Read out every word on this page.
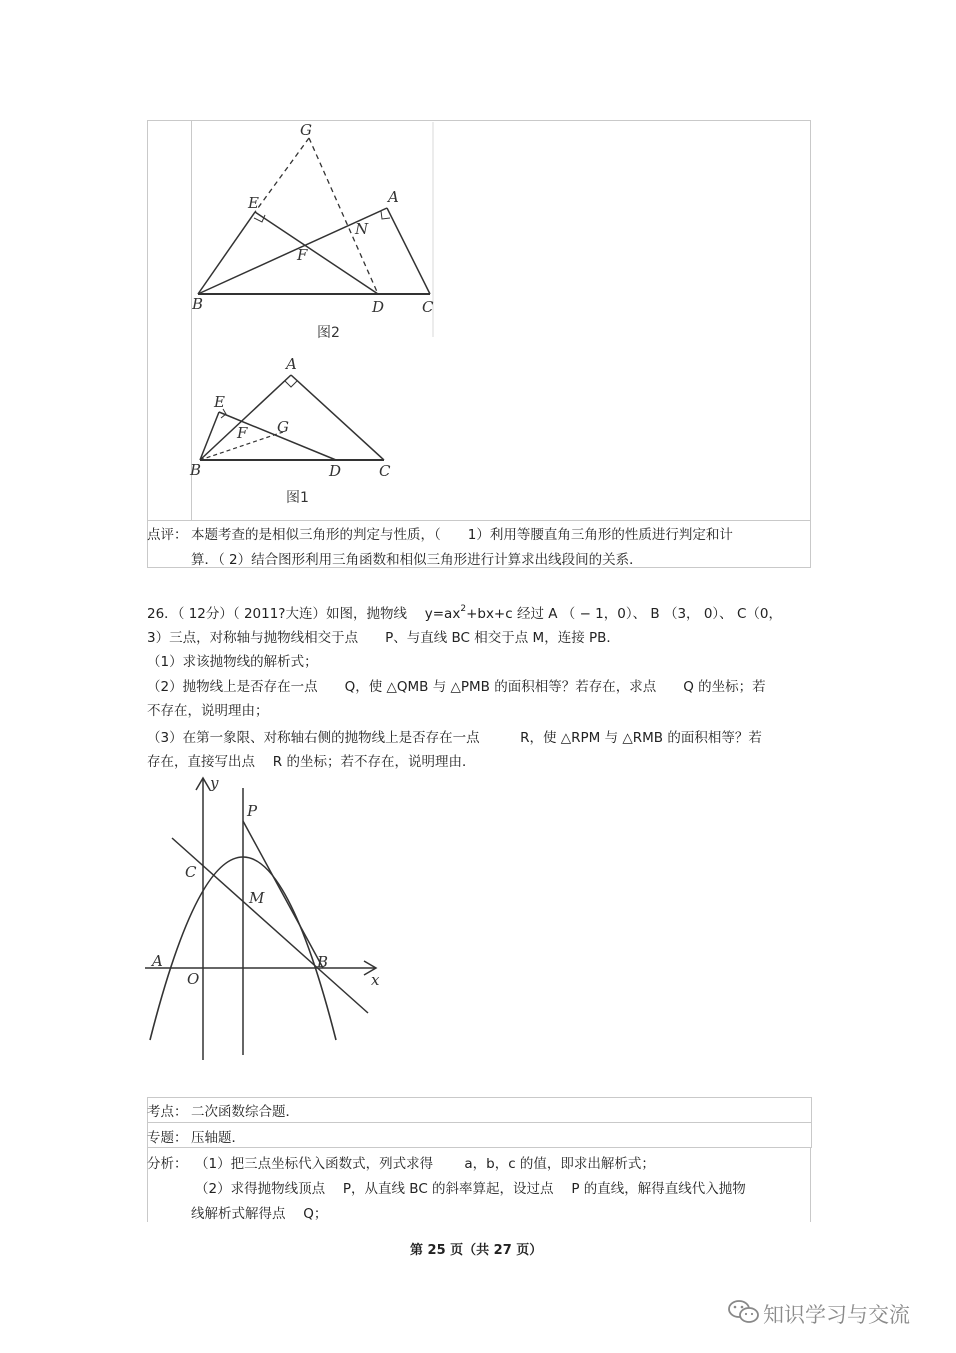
G
E	A
N
F
B	D	C
图2
A
E
F G
B	D	C
图1
点评： 本题考查的是相似三角形的判定与性质，（　　1）利用等腰直角三角形的性质进行判定和计
算．（ 2）结合图形利用三角函数和相似三角形进行计算求出线段间的关系．
26．（ 12分）（ 2011?大连）如图，抛物线　 $y=ax^2+bx+c$ 经过 A （ − 1，0）、 B （3， 0）、 C（0，
3）三点，对称轴与抛物线相交于点　　P、与直线 BC 相交于点 M，连接 PB．
（1）求该抛物线的解析式；
（2）抛物线上是否存在一点　　Q，使 △QMB 与 △PMB 的面积相等？若存在，求点　　Q 的坐标；若
不存在，说明理由；
（3）在第一象限、对称轴右侧的抛物线上是否存在一点　　　R，使 △RPM 与 △RMB 的面积相等？若
存在，直接写出点　 R 的坐标；若不存在，说明理由．
y
P
C
M
A
O
B
x
考点： 二次函数综合题．
专题： 压轴题．
分析： （1）把三点坐标代入函数式，列式求得　　 a，b，c 的值，即求出解析式；
（2）求得抛物线顶点　 P，从直线 BC 的斜率算起，设过点　 P 的直线，解得直线代入抛物
线解析式解得点　 Q；
第 25 页（共 27 页）
知识学习与交流
